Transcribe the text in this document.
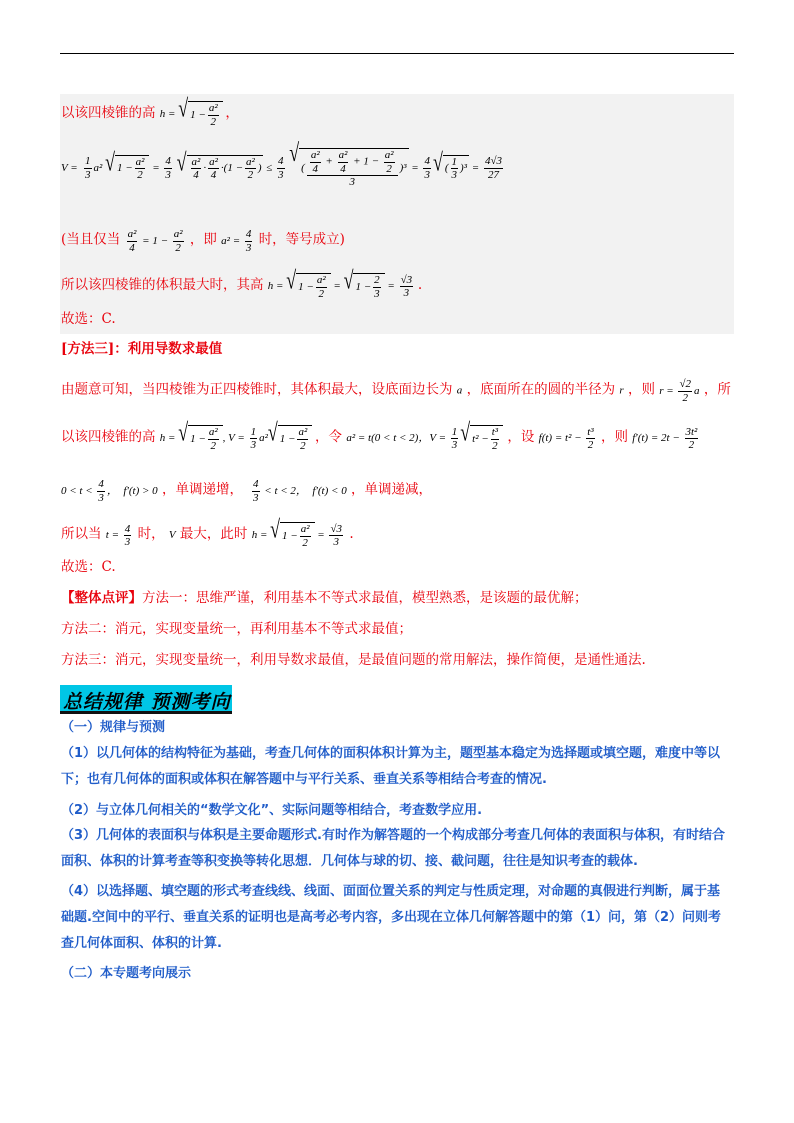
以该四棱锥的高 h = √ $1 - \frac{\text{a²}}{2}$ ，
$V = \frac{1}{3} a^2$ √ $1 - \frac{\text{a²}}{2} = \frac{4}{3}$
√ $\frac{\text{a²}}{4} \cdot \frac{\text{a²}}{4} \cdot(1 - \frac{\text{a²}}{2}$ ) ≤ $\frac{4}{3}$

√
( $\frac{\frac{\text{a²}}{4} + \frac{\text{a²}}{4} + 1 - \frac{\text{a²}}{2}}{3} )^3 = \frac{4}{3}$ √ ( $\frac{1}{3} )^3 = \frac{4√3}{27}$
(当且仅当 $\frac{\text{a²}}{4} = 1 - \frac{\text{a²}}{2}$ ，即 $a^2 = \frac{4}{3}$ 时，等号成立)
所以该四棱锥的体积最大时，其高 h = √ $1 - \frac{\text{a²}}{2}$ = √ $1 - \frac{2}{3} = \frac{√3}{3}$ .
故选：C.
[方法三]：利用导数求最值
由题意可知，当四棱锥为正四棱锥时，其体积最大，设底面边长为 a ，底面所在的圆的半径为 r ，则 $r = \frac{√2}{2}$ a ，所
以该四棱锥的高 h = √ $1 - \frac{\text{a²}}{2}$ , $V = \frac{1}{3} a^2$ √ $1 - \frac{\text{a²}}{2}$ ，令 a² = t(0 < t < 2)，$V = \frac{1}{3}$ √ $t^2 - \frac{\text{t³}}{2}$ ，设 $f(t) = t^2 - \frac{\text{t³}}{2}$ ，则 $f'(t) = 2t - \frac{\text{3t²}}{2}$
$0 < t < \frac{4}{3}$ ，  f′(t) > 0 ，单调递增， $\frac{4}{3} < t < 2$，  f′(t) < 0 ，单调递减，
所以当 $t = \frac{4}{3}$ 时， V 最大，此时 h = √ $1 - \frac{\text{a²}}{2} = \frac{√3}{3}$ .
故选：C.
【整体点评】方法一：思维严谨，利用基本不等式求最值，模型熟悉，是该题的最优解；
方法二：消元，实现变量统一，再利用基本不等式求最值；
方法三：消元，实现变量统一，利用导数求最值，是最值问题的常用解法，操作简便，是通性通法.
总结规律 预测考向
（一）规律与预测
（1）以几何体的结构特征为基础，考查几何体的面积体积计算为主，题型基本稳定为选择题或填空题，难度中等以下；也有几何体的面积或体积在解答题中与平行关系、垂直关系等相结合考查的情况.
（2）与立体几何相关的“数学文化”、实际问题等相结合，考查数学应用.
（3）几何体的表面积与体积是主要命题形式.有时作为解答题的一个构成部分考查几何体的表面积与体积，有时结合面积、体积的计算考查等积变换等转化思想．几何体与球的切、接、截问题，往往是知识考查的载体.
（4）以选择题、填空题的形式考查线线、线面、面面位置关系的判定与性质定理，对命题的真假进行判断，属于基础题.空间中的平行、垂直关系的证明也是高考必考内容，多出现在立体几何解答题中的第（1）问，第（2）问则考查几何体面积、体积的计算.
（二）本专题考向展示
